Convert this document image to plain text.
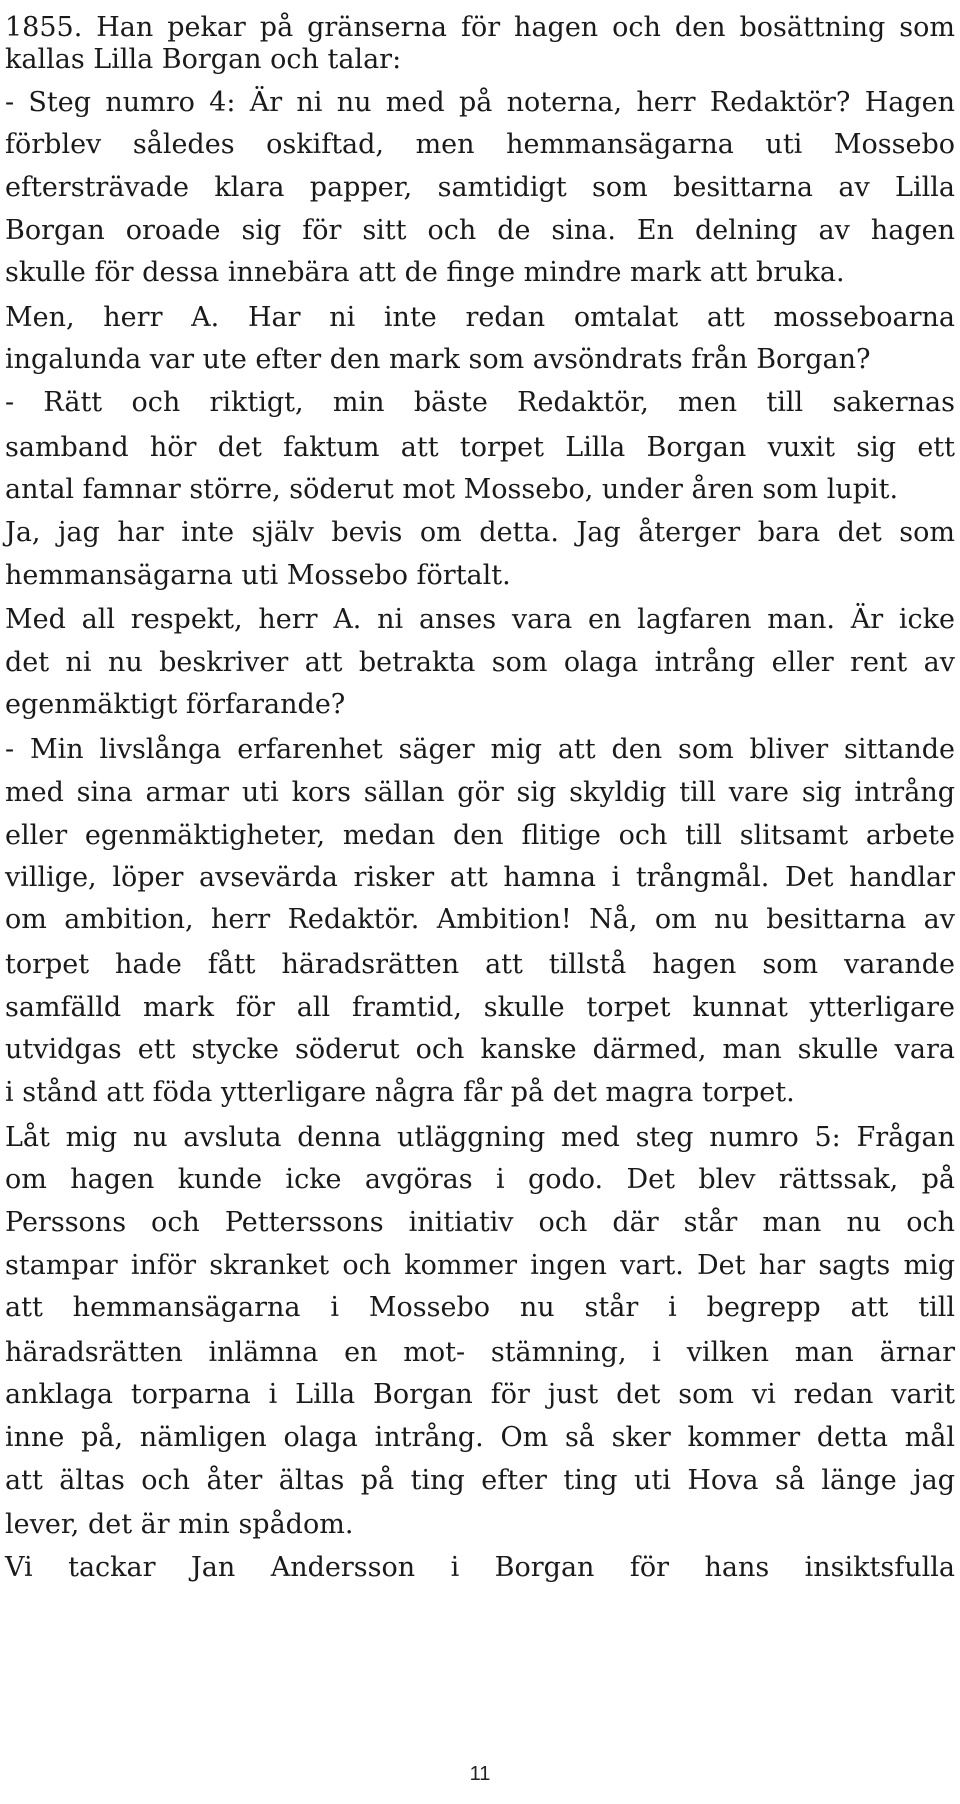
1855. Han pekar på gränserna för hagen och den bosättning som
kallas Lilla Borgan och talar:
- Steg numro 4: Är ni nu med på noterna, herr Redaktör? Hagen
förblev således oskiftad, men hemmansägarna uti Mossebo
eftersträvade klara papper, samtidigt som besittarna av Lilla
Borgan oroade sig för sitt och de sina. En delning av hagen
skulle för dessa innebära att de finge mindre mark att bruka.
Men, herr A. Har ni inte redan omtalat att mosseboarna
ingalunda var ute efter den mark som avsöndrats från Borgan?
- Rätt och riktigt, min bäste Redaktör, men till sakernas
samband hör det faktum att torpet Lilla Borgan vuxit sig ett
antal famnar större, söderut mot Mossebo, under åren som lupit.
Ja, jag har inte själv bevis om detta. Jag återger bara det som
hemmansägarna uti Mossebo förtalt.
Med all respekt, herr A. ni anses vara en lagfaren man. Är icke
det ni nu beskriver att betrakta som olaga intrång eller rent av
egenmäktigt förfarande?
- Min livslånga erfarenhet säger mig att den som bliver sittande
med sina armar uti kors sällan gör sig skyldig till vare sig intrång
eller egenmäktigheter, medan den flitige och till slitsamt arbete
villige, löper avsevärda risker att hamna i trångmål. Det handlar
om ambition, herr Redaktör. Ambition! Nå, om nu besittarna av
torpet hade fått häradsrätten att tillstå hagen som varande
samfälld mark för all framtid, skulle torpet kunnat ytterligare
utvidgas ett stycke söderut och kanske därmed, man skulle vara
i stånd att föda ytterligare några får på det magra torpet.
Låt mig nu avsluta denna utläggning med steg numro 5: Frågan
om hagen kunde icke avgöras i godo. Det blev rättssak, på
Perssons och Petterssons initiativ och där står man nu och
stampar inför skranket och kommer ingen vart. Det har sagts mig
att hemmansägarna i Mossebo nu står i begrepp att till
häradsrätten inlämna en mot- stämning, i vilken man ärnar
anklaga torparna i Lilla Borgan för just det som vi redan varit
inne på, nämligen olaga intrång. Om så sker kommer detta mål
att ältas och åter ältas på ting efter ting uti Hova så länge jag
lever, det är min spådom.
Vi tackar Jan Andersson i Borgan för hans insiktsfulla
11
